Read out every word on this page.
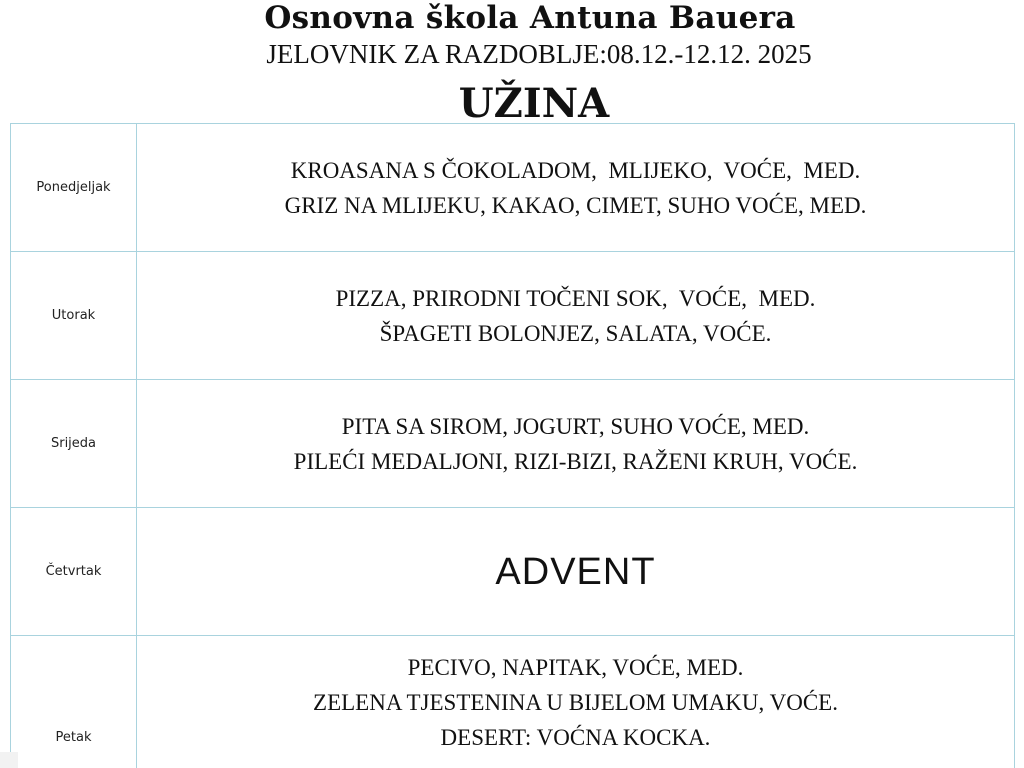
Osnovna škola Antuna Bauera
JELOVNIK ZA RAZDOBLJE:08.12.-12.12. 2025
UŽINA
Ponedjeljak	KROASANA S ČOKOLADOM,  MLIJEKO,  VOĆE,  MED.
GRIZ NA MLIJEKU, KAKAO, CIMET, SUHO VOĆE, MED.

Utorak	PIZZA, PRIRODNI TOČENI SOK,  VOĆE,  MED.
ŠPAGETI BOLONJEZ, SALATA, VOĆE.

Srijeda	PITA SA SIROM, JOGURT, SUHO VOĆE, MED.
PILEĆI MEDALJONI, RIZI-BIZI, RAŽENI KRUH, VOĆE.

Četvrtak	ADVENT

Petak	PECIVO, NAPITAK, VOĆE, MED.
ZELENA TJESTENINA U BIJELOM UMAKU, VOĆE.
DESERT: VOĆNA KOCKA.
